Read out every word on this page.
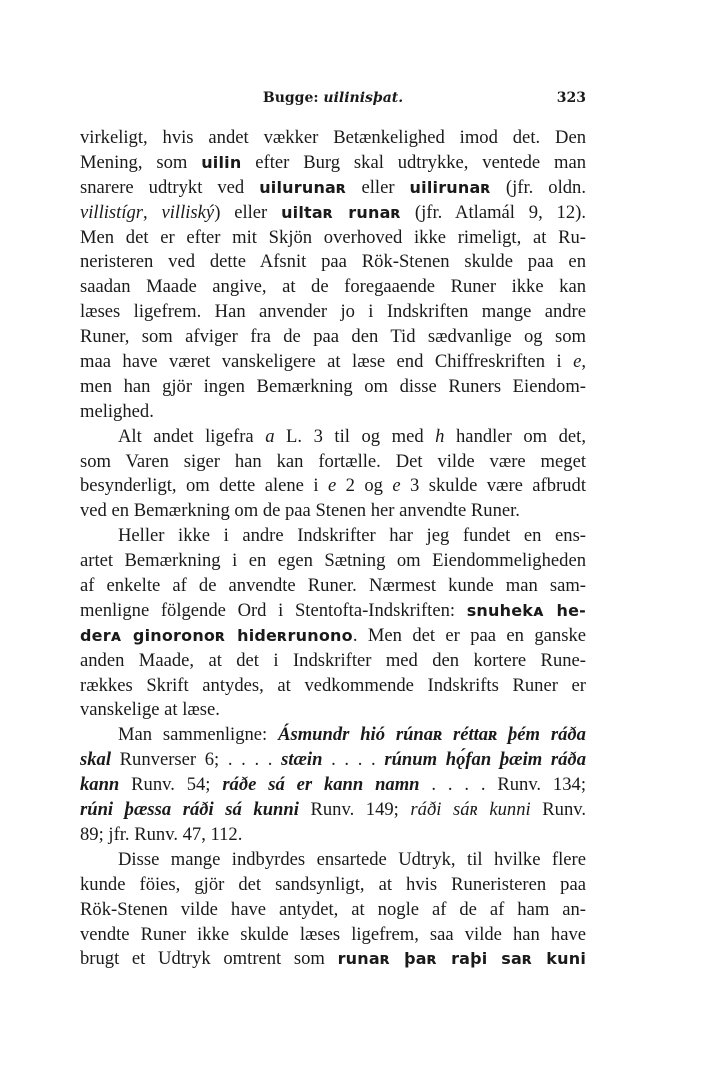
Bugge: uilinisþat.	323
virkeligt, hvis andet vækker Betænkelighed imod det. Den
Mening, som uilin efter Burg skal udtrykke, ventede man
snarere udtrykt ved uilurunaʀ eller uilirunaʀ (jfr. oldn.
villistígr, villiský) eller uiltaʀ runaʀ (jfr. Atlamál 9, 12).
Men det er efter mit Skjön overhoved ikke rimeligt, at Ru-
neristeren ved dette Afsnit paa Rök-Stenen skulde paa en
saadan Maade angive, at de foregaaende Runer ikke kan
læses ligefrem. Han anvender jo i Indskriften mange andre
Runer, som afviger fra de paa den Tid sædvanlige og som
maa have været vanskeligere at læse end Chiffreskriften i e,
men han gjör ingen Bemærkning om disse Runers Eiendom-
melighed.
Alt andet ligefra a L. 3 til og med h handler om det,
som Varen siger han kan fortælle. Det vilde være meget
besynderligt, om dette alene i e 2 og e 3 skulde være afbrudt
ved en Bemærkning om de paa Stenen her anvendte Runer.
Heller ikke i andre Indskrifter har jeg fundet en ens-
artet Bemærkning i en egen Sætning om Eiendommeligheden
af enkelte af de anvendte Runer. Nærmest kunde man sam-
menligne fölgende Ord i Stentofta-Indskriften: snuhekᴀ he-
derᴀ ginoronoʀ hideʀrunono. Men det er paa en ganske
anden Maade, at det i Indskrifter med den kortere Rune-
rækkes Skrift antydes, at vedkommende Indskrifts Runer er
vanskelige at læse.
Man sammenligne: Ásmundr hió rúnaʀ réttaʀ þém ráða
skal Runverser 6; . . . . stæin . . . . rúnum hǫ́fan þæim ráða
kann Runv. 54; ráðe sá er kann namn . . . . Runv. 134;
rúni þæssa ráði sá kunni Runv. 149; ráði sáʀ kunni Runv.
89; jfr. Runv. 47, 112.
Disse mange indbyrdes ensartede Udtryk, til hvilke flere
kunde föies, gjör det sandsynligt, at hvis Runeristeren paa
Rök-Stenen vilde have antydet, at nogle af de af ham an-
vendte Runer ikke skulde læses ligefrem, saa vilde han have
brugt et Udtryk omtrent som runaʀ þaʀ raþi saʀ kuni
